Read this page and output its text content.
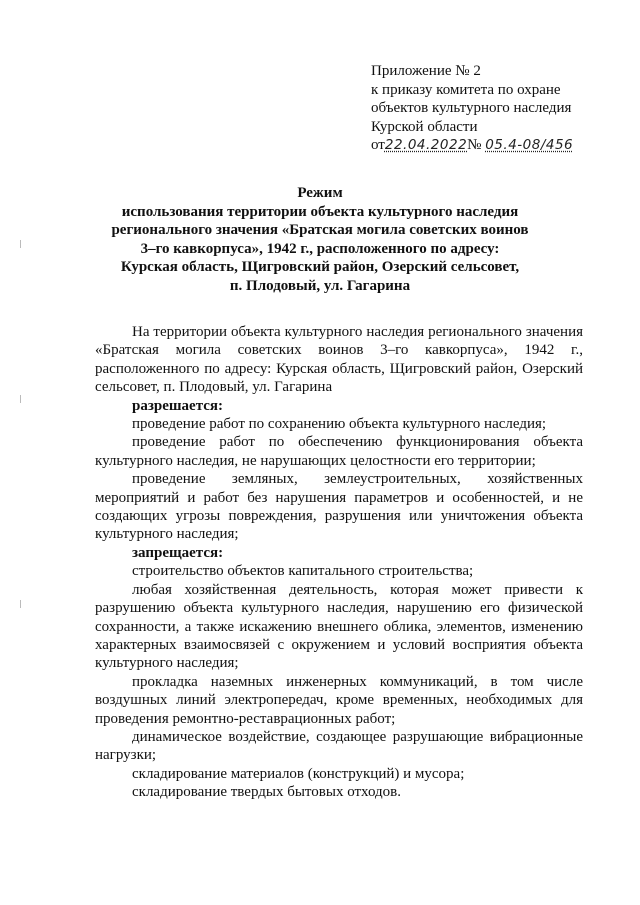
Приложение № 2
к приказу комитета по охране
объектов культурного наследия
Курской области
от22.04.2022№ 05.4-08/456
Режим
использования территории объекта культурного наследия
регионального значения «Братская могила советских воинов
3–го кавкорпуса», 1942 г., расположенного по адресу:
Курская область, Щигровский район, Озерский сельсовет,
п. Плодовый, ул. Гагарина

На территории объекта культурного наследия регионального значения «Братская могила советских воинов 3–го кавкорпуса», 1942 г., расположенного по адресу: Курская область, Щигровский район, Озерский сельсовет, п. Плодовый, ул. Гагарина

разрешается:

проведение работ по сохранению объекта культурного наследия;

проведение работ по обеспечению функционирования объекта культурного наследия, не нарушающих целостности его территории;

проведение земляных, землеустроительных, хозяйственных мероприятий и работ без нарушения параметров и особенностей, и не создающих угрозы повреждения, разрушения или уничтожения объекта культурного наследия;

запрещается:

строительство объектов капитального строительства;

любая хозяйственная деятельность, которая может привести к разрушению объекта культурного наследия, нарушению его физической сохранности, а также искажению внешнего облика, элементов, изменению характерных взаимосвязей с окружением и условий восприятия объекта культурного наследия;

прокладка наземных инженерных коммуникаций, в том числе воздушных линий электропередач, кроме временных, необходимых для проведения ремонтно-реставрационных работ;

динамическое воздействие, создающее разрушающие вибрационные нагрузки;

складирование материалов (конструкций) и мусора;

складирование твердых бытовых отходов.
